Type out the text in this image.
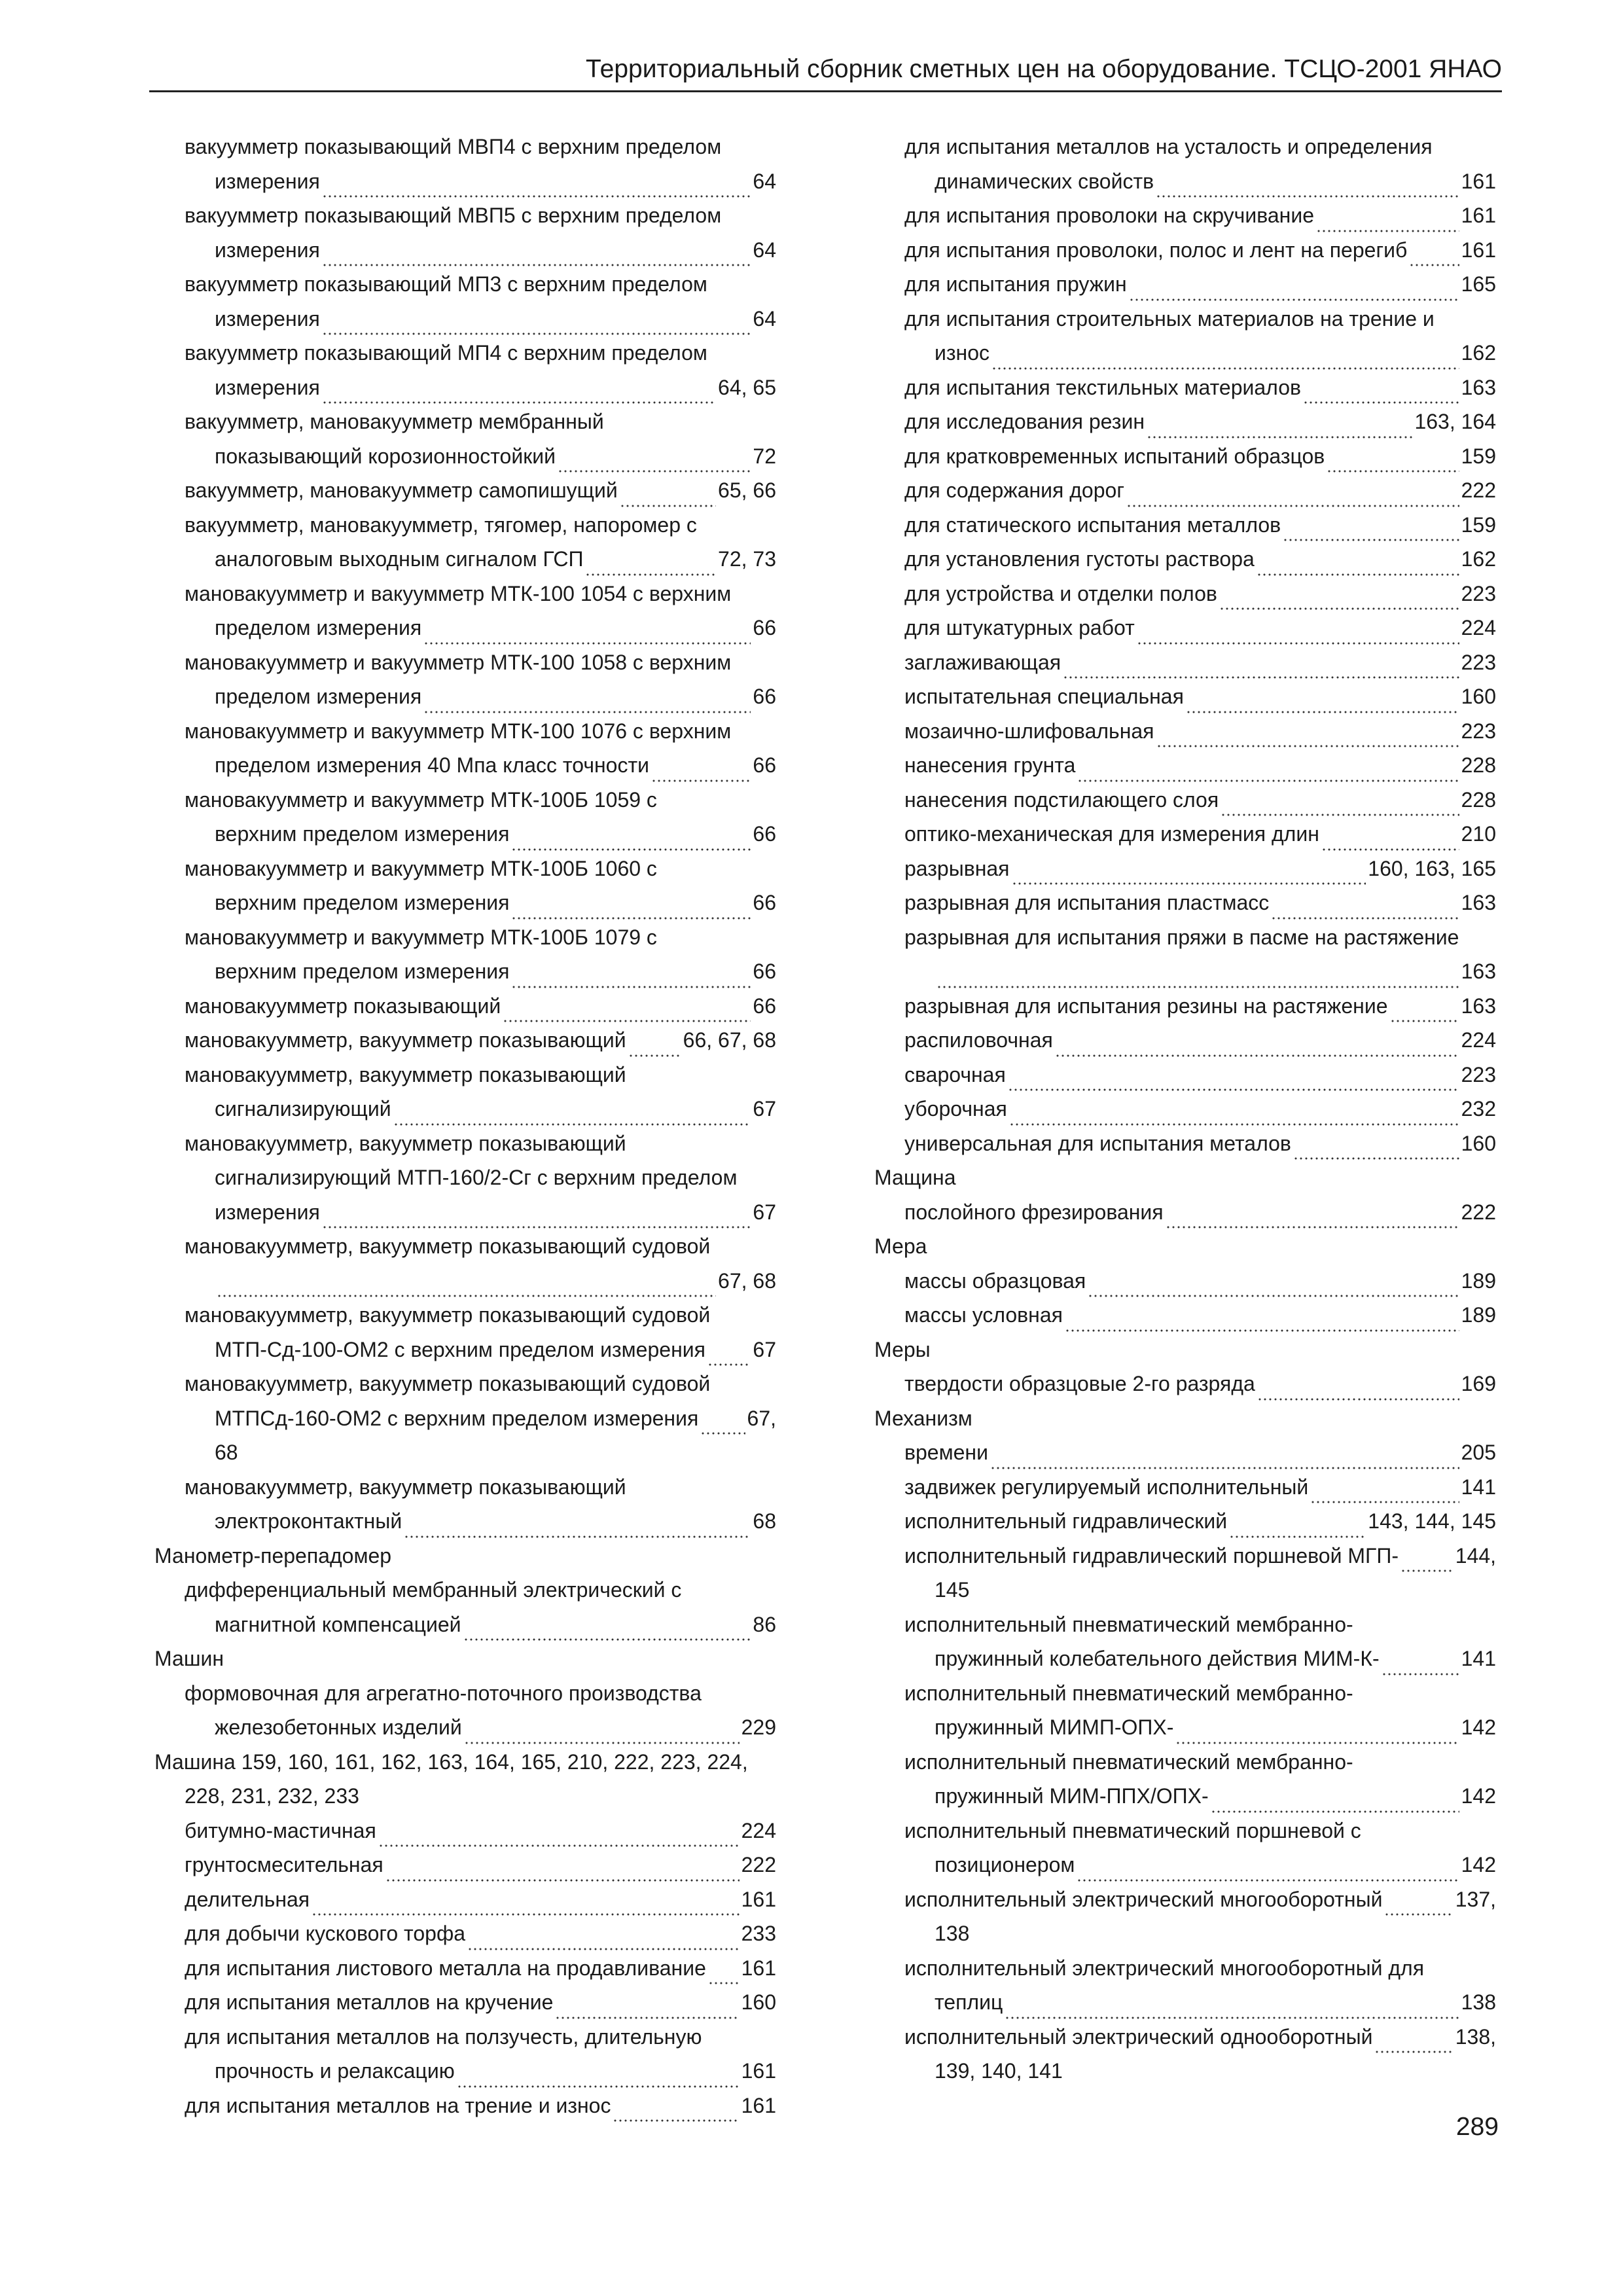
Территориальный сборник сметных цен на оборудование. ТСЦО-2001 ЯНАО
вакуумметр показывающий МВП4 с верхним пределом
измерения	64
вакуумметр показывающий МВП5 с верхним пределом
измерения	64
вакуумметр показывающий МП3 с верхним пределом
измерения	64
вакуумметр показывающий МП4 с верхним пределом
измерения	64, 65
вакуумметр, мановакуумметр мембранный
показывающий корозионностойкий	72
вакуумметр, мановакуумметр самопишущий	65, 66
вакуумметр, мановакуумметр, тягомер, напоромер с
аналоговым выходным сигналом ГСП	72, 73
мановакуумметр и вакуумметр МТК-100 1054 с верхним
пределом измерения	66
мановакуумметр и вакуумметр МТК-100 1058 с верхним
пределом измерения	66
мановакуумметр и вакуумметр МТК-100 1076 с верхним
пределом измерения 40 Мпа класс точности	66
мановакуумметр и вакуумметр МТК-100Б 1059 с
верхним пределом измерения	66
мановакуумметр и вакуумметр МТК-100Б 1060 с
верхним пределом измерения	66
мановакуумметр и вакуумметр МТК-100Б 1079 с
верхним пределом измерения	66
мановакуумметр показывающий	66
мановакуумметр, вакуумметр показывающий	66, 67, 68
мановакуумметр, вакуумметр показывающий
сигнализирующий	67
мановакуумметр, вакуумметр показывающий
сигнализирующий МТП-160/2-Сг с верхним пределом
измерения	67
мановакуумметр, вакуумметр показывающий судовой
67, 68
мановакуумметр, вакуумметр показывающий судовой
МТП-Сд-100-ОМ2 с верхним пределом измерения 67
мановакуумметр, вакуумметр показывающий судовой
МТПСд-160-ОМ2 с верхним пределом измерения 67,
68
мановакуумметр, вакуумметр показывающий
электроконтактный	68
Манометр-перепадомер
дифференциальный мембранный электрический с
магнитной компенсацией	86
Машин
формовочная для агрегатно-поточного производства
железобетонных изделий	229
Машина 159, 160, 161, 162, 163, 164, 165, 210, 222, 223, 224,
228, 231, 232, 233
битумно-мастичная	224
грунтосмесительная	222
делительная	161
для добычи кускового торфа	233
для испытания листового металла на продавливание 161
для испытания металлов на кручение	160
для испытания металлов на ползучесть, длительную
прочность и релаксацию	161
для испытания металлов на трение и износ	161
для испытания металлов на усталость и определения
динамических свойств	161
для испытания проволоки на скручивание	161
для испытания проволоки, полос и лент на перегиб	161
для испытания пружин	165
для испытания строительных материалов на трение и
износ	162
для испытания текстильных материалов	163
для исследования резин	163, 164
для кратковременных испытаний образцов	159
для содержания дорог	222
для статического испытания металлов	159
для установления густоты раствора	162
для устройства и отделки полов	223
для штукатурных работ	224
заглаживающая	223
испытательная специальная	160
мозаично-шлифовальная	223
нанесения грунта	228
нанесения подстилающего слоя	228
оптико-механическая для измерения длин	210
разрывная	160, 163, 165
разрывная для испытания пластмасс	163
разрывная для испытания пряжи в пасме на растяжение
163
разрывная для испытания резины на растяжение	163
распиловочная	224
сварочная	223
уборочная	232
универсальная для испытания металов	160
Мащина
послойного фрезирования	222
Мера
массы образцовая	189
массы условная	189
Меры
твердости образцовые 2-го разряда	169
Механизм
времени	205
задвижек регулируемый исполнительный	141
исполнительный гидравлический	143, 144, 145
исполнительный гидравлический поршневой МГП-	144,
145
исполнительный пневматический мембранно-
пружинный колебательного действия МИМ-К-	141
исполнительный пневматический мембранно-
пружинный МИМП-ОПХ-	142
исполнительный пневматический мембранно-
пружинный МИМ-ППХ/ОПХ-	142
исполнительный пневматический поршневой с
позиционером	142
исполнительный электрический многооборотный	137,
138
исполнительный электрический многооборотный для
теплиц	138
исполнительный электрический однооборотный	138,
139, 140, 141
289
